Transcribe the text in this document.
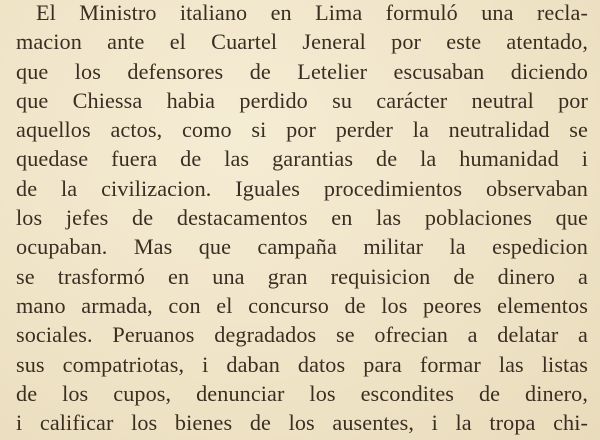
El Ministro italiano en Lima formuló una recla-
macion ante el Cuartel Jeneral por este atentado,
que los defensores de Letelier escusaban diciendo
que Chiessa habia perdido su carácter neutral por
aquellos actos, como si por perder la neutralidad se
quedase fuera de las garantias de la humanidad i
de la civilizacion. Iguales procedimientos observaban
los jefes de destacamentos en las poblaciones que
ocupaban. Mas que campaña militar la espedicion
se trasformó en una gran requisicion de dinero a
mano armada, con el concurso de los peores elementos
sociales. Peruanos degradados se ofrecian a delatar a
sus compatriotas, i daban datos para formar las listas
de los cupos, denunciar los escondites de dinero,
i calificar los bienes de los ausentes, i la tropa chi-
